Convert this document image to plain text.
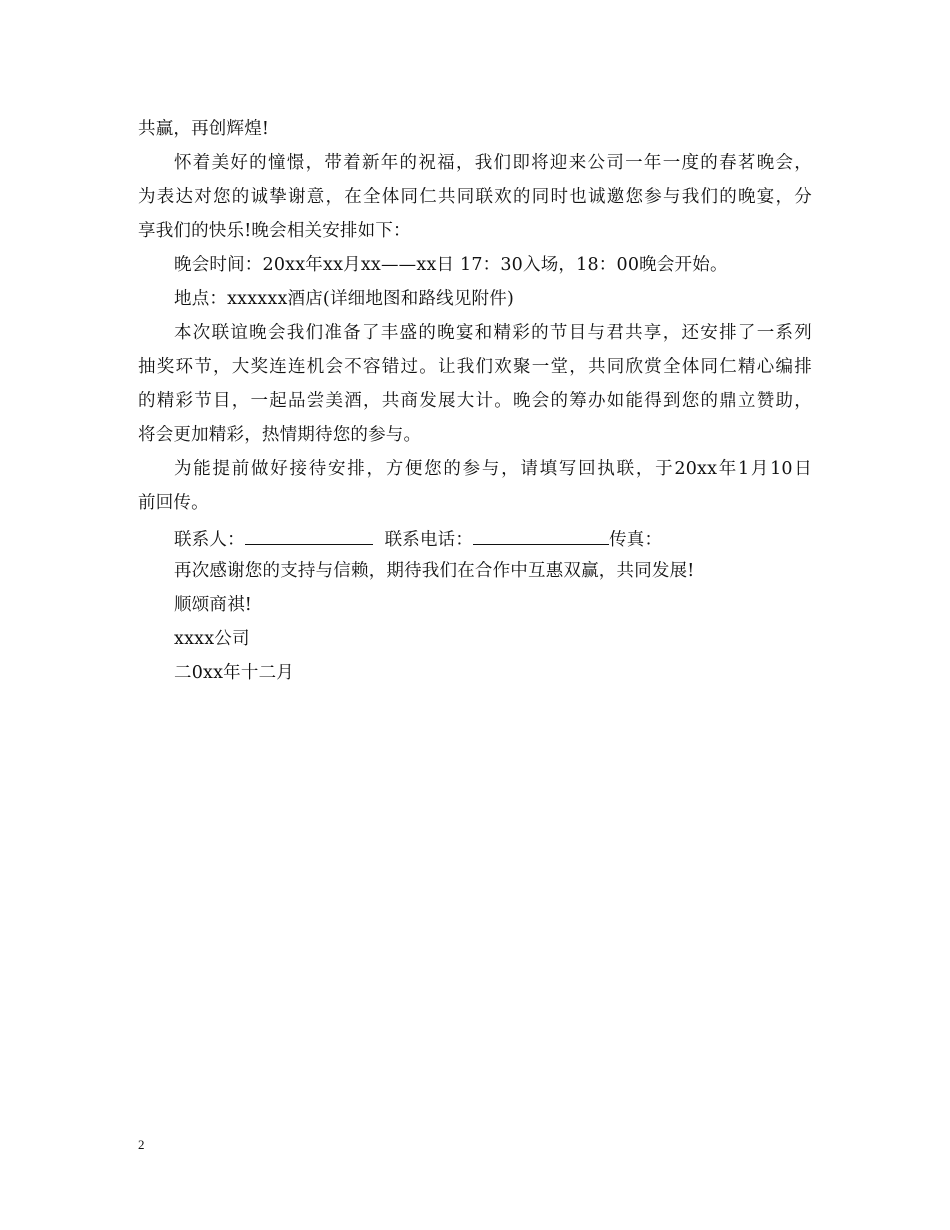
共赢，再创辉煌!
怀着美好的憧憬，带着新年的祝福，我们即将迎来公司一年一度的春茗晚会，
为表达对您的诚挚谢意，在全体同仁共同联欢的同时也诚邀您参与我们的晚宴，分
享我们的快乐!晚会相关安排如下：
晚会时间：20xx年xx月xx——xx日 17：30入场，18：00晚会开始。
地点：xxxxxx酒店(详细地图和路线见附件)
本次联谊晚会我们准备了丰盛的晚宴和精彩的节目与君共享，还安排了一系列
抽奖环节，大奖连连机会不容错过。让我们欢聚一堂，共同欣赏全体同仁精心编排
的精彩节目，一起品尝美酒，共商发展大计。晚会的筹办如能得到您的鼎立赞助，
将会更加精彩，热情期待您的参与。
为能提前做好接待安排，方便您的参与，请填写回执联，于20xx年1月10日
前回传。
联系人：	联系电话：	传真：
再次感谢您的支持与信赖，期待我们在合作中互惠双赢，共同发展!
顺颂商祺!
xxxx公司
二0xx年十二月
2
